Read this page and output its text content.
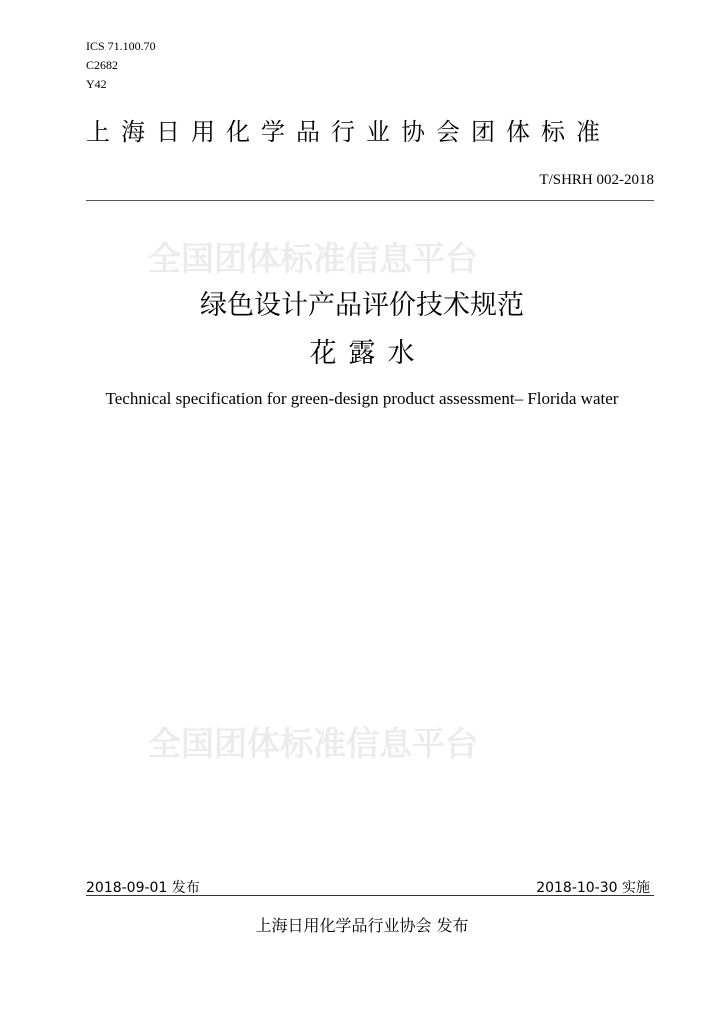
ICS 71.100.70
C2682
Y42
上海日用化学品行业协会团体标准
T/SHRH 002-2018
全国团体标准信息平台
绿色设计产品评价技术规范
花露水
Technical specification for green-design product assessment– Florida water
全国团体标准信息平台
2018-09-01 发布	2018-10-30 实施
上海日用化学品行业协会 发布
